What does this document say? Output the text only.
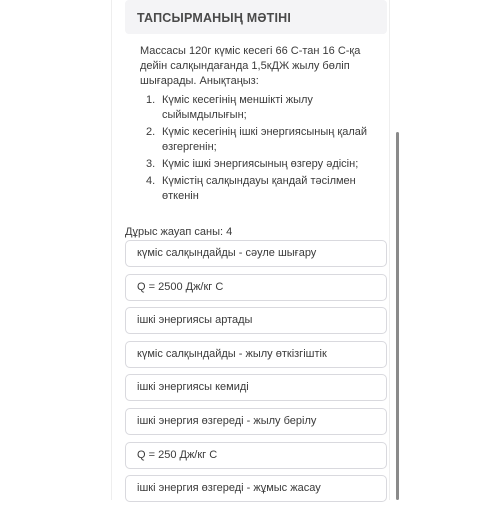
ТАПСЫРМАНЫҢ МӘТІНІ

Массасы 120г күміс кесегі 66 С-тан 16 С-қа дейін салқындағанда 1,5кДЖ жылу бөліп шығарады. Анықтаңыз:

Күміс кесегінің меншікті жылу сыйымдылығын;
Күміс кесегінің ішкі энергиясының қалай өзгергенін;
Күміс ішкі энергиясының өзгеру әдісін;
Күмістің салқындауы қандай тәсілмен өткенін
Дұрыс жауап саны: 4
күміс салқындайды - сәуле шығару
Q = 2500 Дж/кг С
ішкі энергиясы артады
күміс салқындайды - жылу өткізгіштік
ішкі энергиясы кемиді
ішкі энергия өзгереді - жылу берілу
Q = 250 Дж/кг С
ішкі энергия өзгереді - жұмыс жасау
